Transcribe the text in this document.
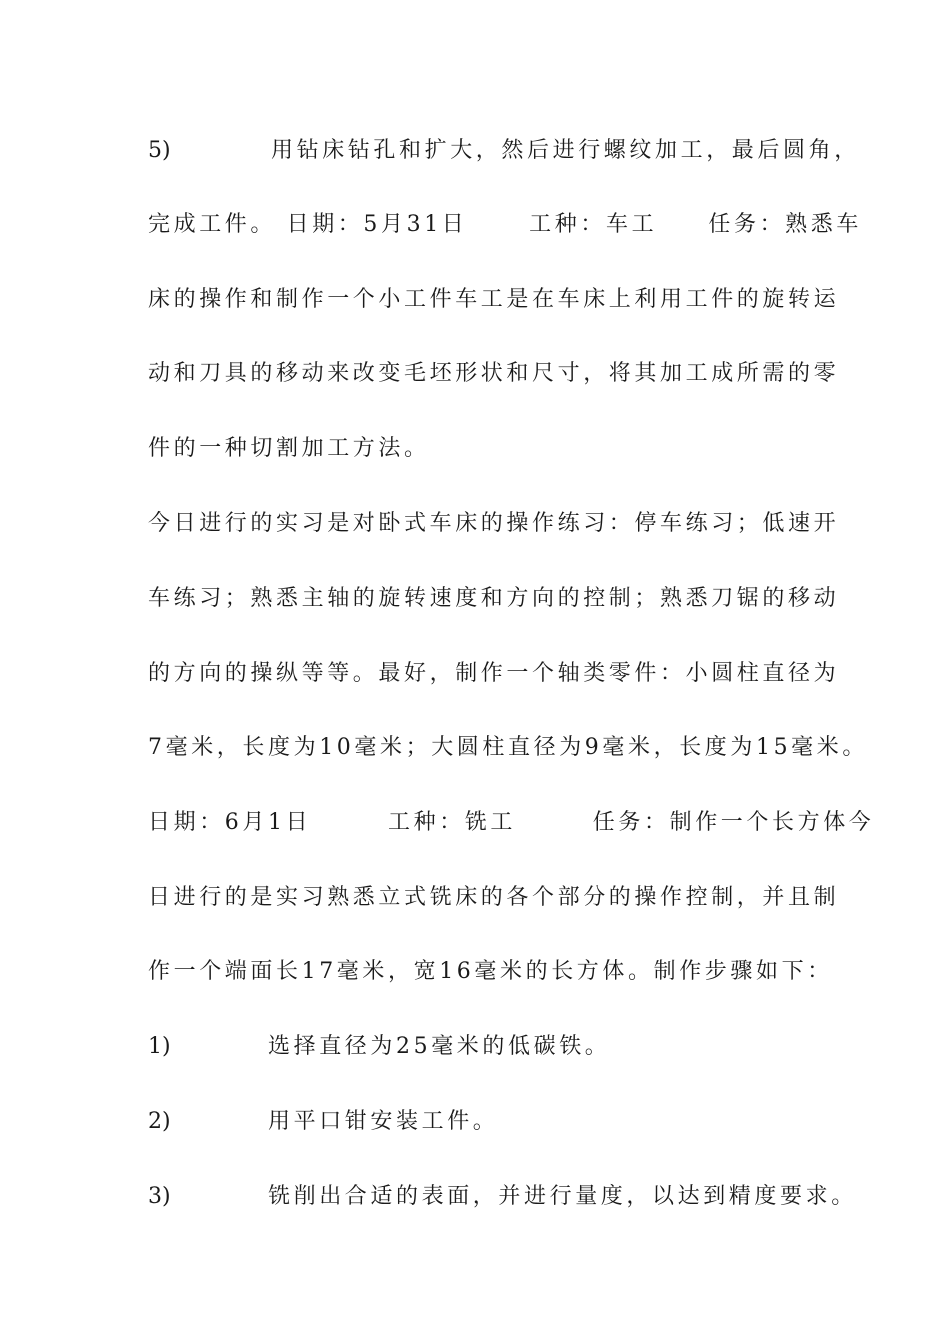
5)	用钻床钻孔和扩大，然后进行螺纹加工，最后圆角，
完成工件。 日期：5月31日　　 工种：车工　　任务：熟悉车
床的操作和制作一个小工件车工是在车床上利用工件的旋转运
动和刀具的移动来改变毛坯形状和尺寸，将其加工成所需的零
件的一种切割加工方法。
今日进行的实习是对卧式车床的操作练习：停车练习；低速开
车练习；熟悉主轴的旋转速度和方向的控制；熟悉刀锯的移动
的方向的操纵等等。最好，制作一个轴类零件：小圆柱直径为
7毫米，长度为10毫米；大圆柱直径为9毫米，长度为15毫米。
日期：6月1日　　　工种：铣工　　　任务：制作一个长方体今
日进行的是实习熟悉立式铣床的各个部分的操作控制，并且制
作一个端面长17毫米，宽16毫米的长方体。制作步骤如下：
1)	选择直径为25毫米的低碳铁。
2)	用平口钳安装工件。
3)	铣削出合适的表面，并进行量度，以达到精度要求。
